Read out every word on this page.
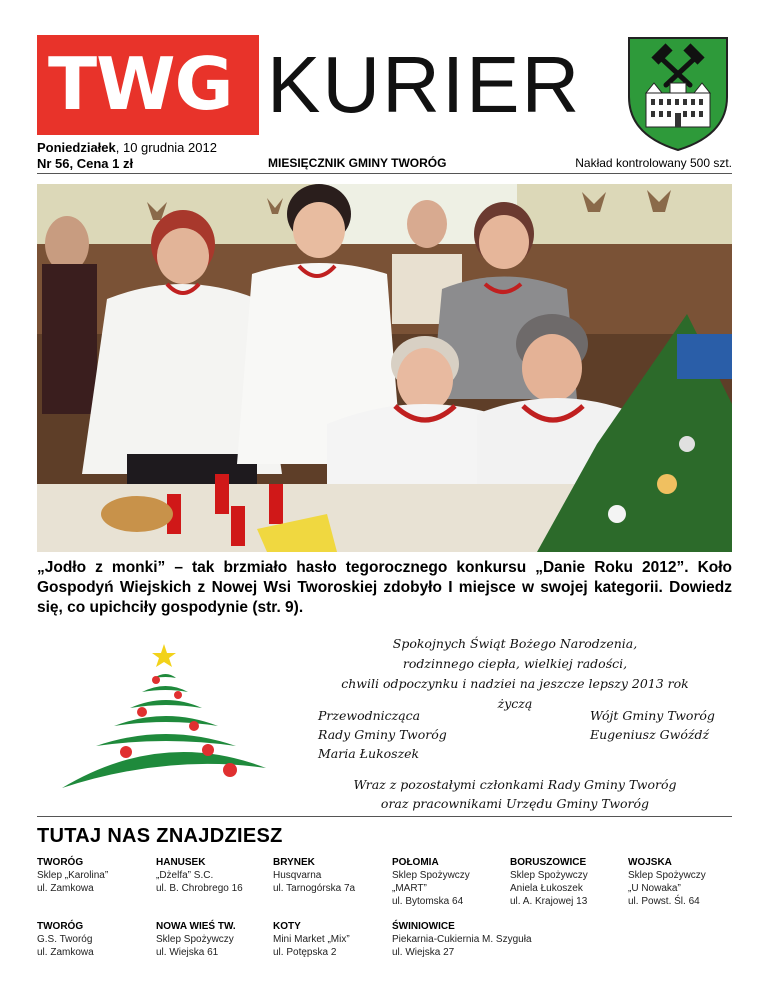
TWG KURIER
Poniedziałek, 10 grudnia 2012
Nr 56, Cena 1 zł	MIESIĘCZNIK GMINY TWORÓG	Nakład kontrolowany 500 szt.
„Jodło z monki” – tak brzmiało hasło tegorocznego konkursu „Danie Roku 2012”. Koło Gospodyń Wiejskich z Nowej Wsi Tworoskiej zdobyło I miejsce w swojej kategorii. Dowiedz się, co upichciły gospodynie (str. 9).
Spokojnych Świąt Bożego Narodzenia,
rodzinnego ciepła, wielkiej radości,
chwili odpoczynku i nadziei na jeszcze lepszy 2013 rok
życzą
Przewodnicząca
Rady Gminy Tworóg
Maria Łukoszek
Wójt Gminy Tworóg
Eugeniusz Gwóźdź
Wraz z pozostałymi członkami Rady Gminy Tworóg
oraz pracownikami Urzędu Gminy Tworóg
TUTAJ NAS ZNAJDZIESZ
TWORÓG
Sklep „Karolina”
ul. Zamkowa
HANUSEK
„Dżelfa” S.C.
ul. B. Chrobrego 16
BRYNEK
Husqvarna
ul. Tarnogórska 7a
POŁOMIA
Sklep Spożywczy
„MART”
ul. Bytomska 64
BORUSZOWICE
Sklep Spożywczy
Aniela Łukoszek
ul. A. Krajowej 13
WOJSKA
Sklep Spożywczy
„U Nowaka”
ul. Powst. Śl. 64
TWORÓG
G.S. Tworóg
ul. Zamkowa
NOWA WIEŚ TW.
Sklep Spożywczy
ul. Wiejska 61
KOTY
Mini Market „Mix”
ul. Potępska 2
ŚWINIOWICE
Piekarnia-Cukiernia M. Szyguła
ul. Wiejska 27
